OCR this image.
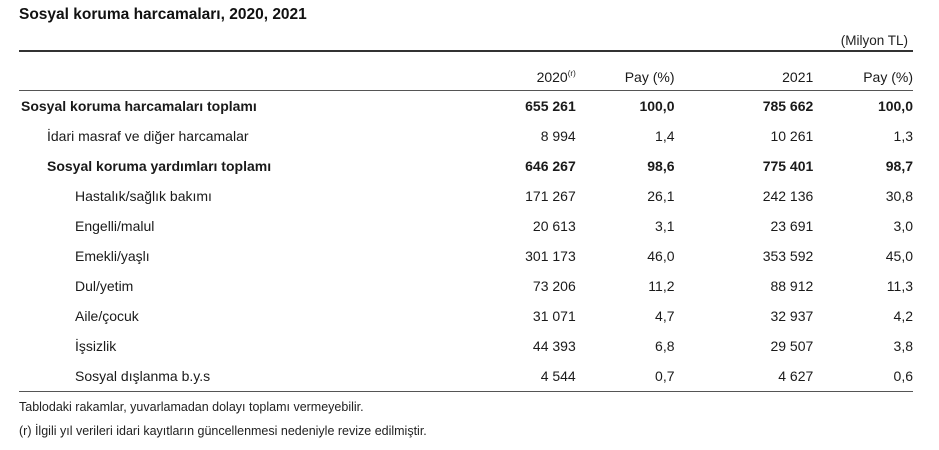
Sosyal koruma harcamaları, 2020, 2021
(Milyon TL)
	2020$^{(r)}$	Pay (%)	2021	Pay (%)
Sosyal koruma harcamaları toplamı	655 261	100,0	785 662	100,0
İdari masraf ve diğer harcamalar	8 994	1,4	10 261	1,3
Sosyal koruma yardımları toplamı	646 267	98,6	775 401	98,7
Hastalık/sağlık bakımı	171 267	26,1	242 136	30,8
Engelli/malul	20 613	3,1	23 691	3,0
Emekli/yaşlı	301 173	46,0	353 592	45,0
Dul/yetim	73 206	11,2	88 912	11,3
Aile/çocuk	31 071	4,7	32 937	4,2
İşsizlik	44 393	6,8	29 507	3,8
Sosyal dışlanma b.y.s	4 544	0,7	4 627	0,6
Tablodaki rakamlar, yuvarlamadan dolayı toplamı vermeyebilir.
(r) İlgili yıl verileri idari kayıtların güncellenmesi nedeniyle revize edilmiştir.
